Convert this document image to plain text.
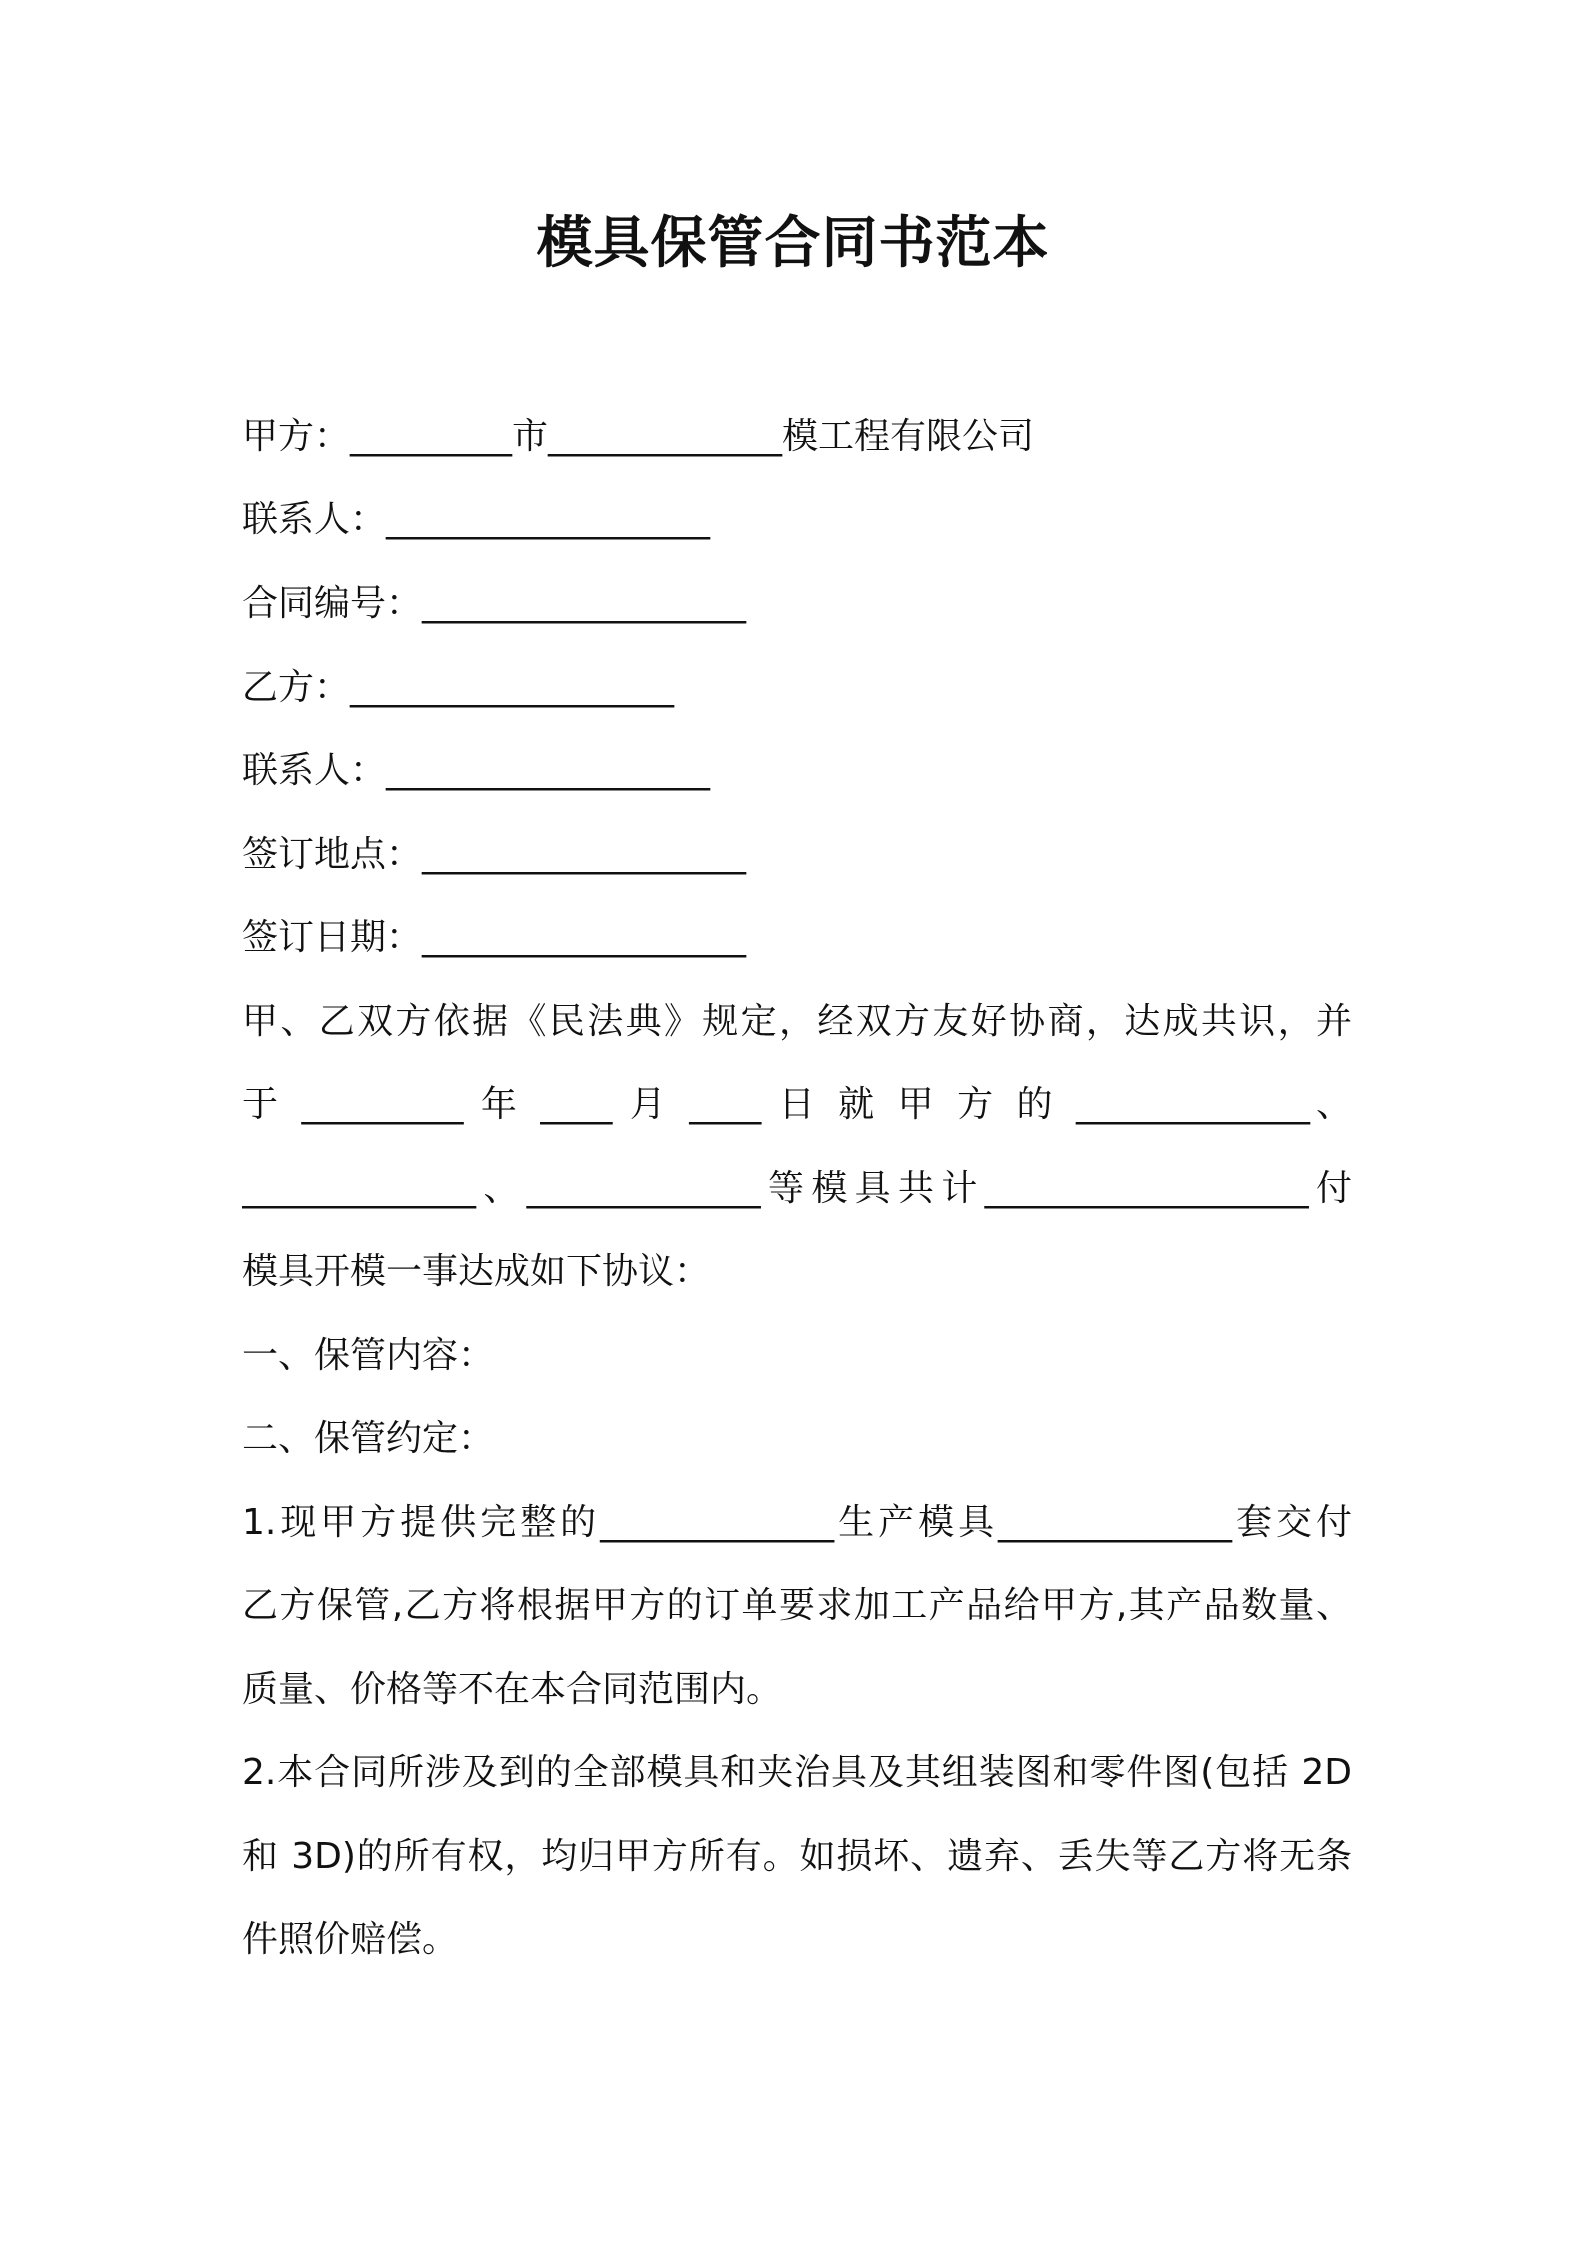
模具保管合同书范本

甲方：_________市_____________模工程有限公司

联系人：__________________

合同编号：__________________

乙方：__________________

联系人：__________________

签订地点：__________________

签订日期：__________________

甲、乙双方依据《民法典》规定，经双方友好协商，达成共识，并

于 _________ 年 ____ 月 ____ 日 就 甲 方 的 _____________、

_____________、_____________等模具共计__________________付

模具开模一事达成如下协议：

一、保管内容：

二、保管约定：

1.现甲方提供完整的_____________生产模具_____________套交付

乙方保管,乙方将根据甲方的订单要求加工产品给甲方,其产品数量、

质量、价格等不在本合同范围内。

2.本合同所涉及到的全部模具和夹治具及其组装图和零件图(包括 2D

和 3D)的所有权，均归甲方所有。如损坏、遗弃、丢失等乙方将无条

件照价赔偿。
